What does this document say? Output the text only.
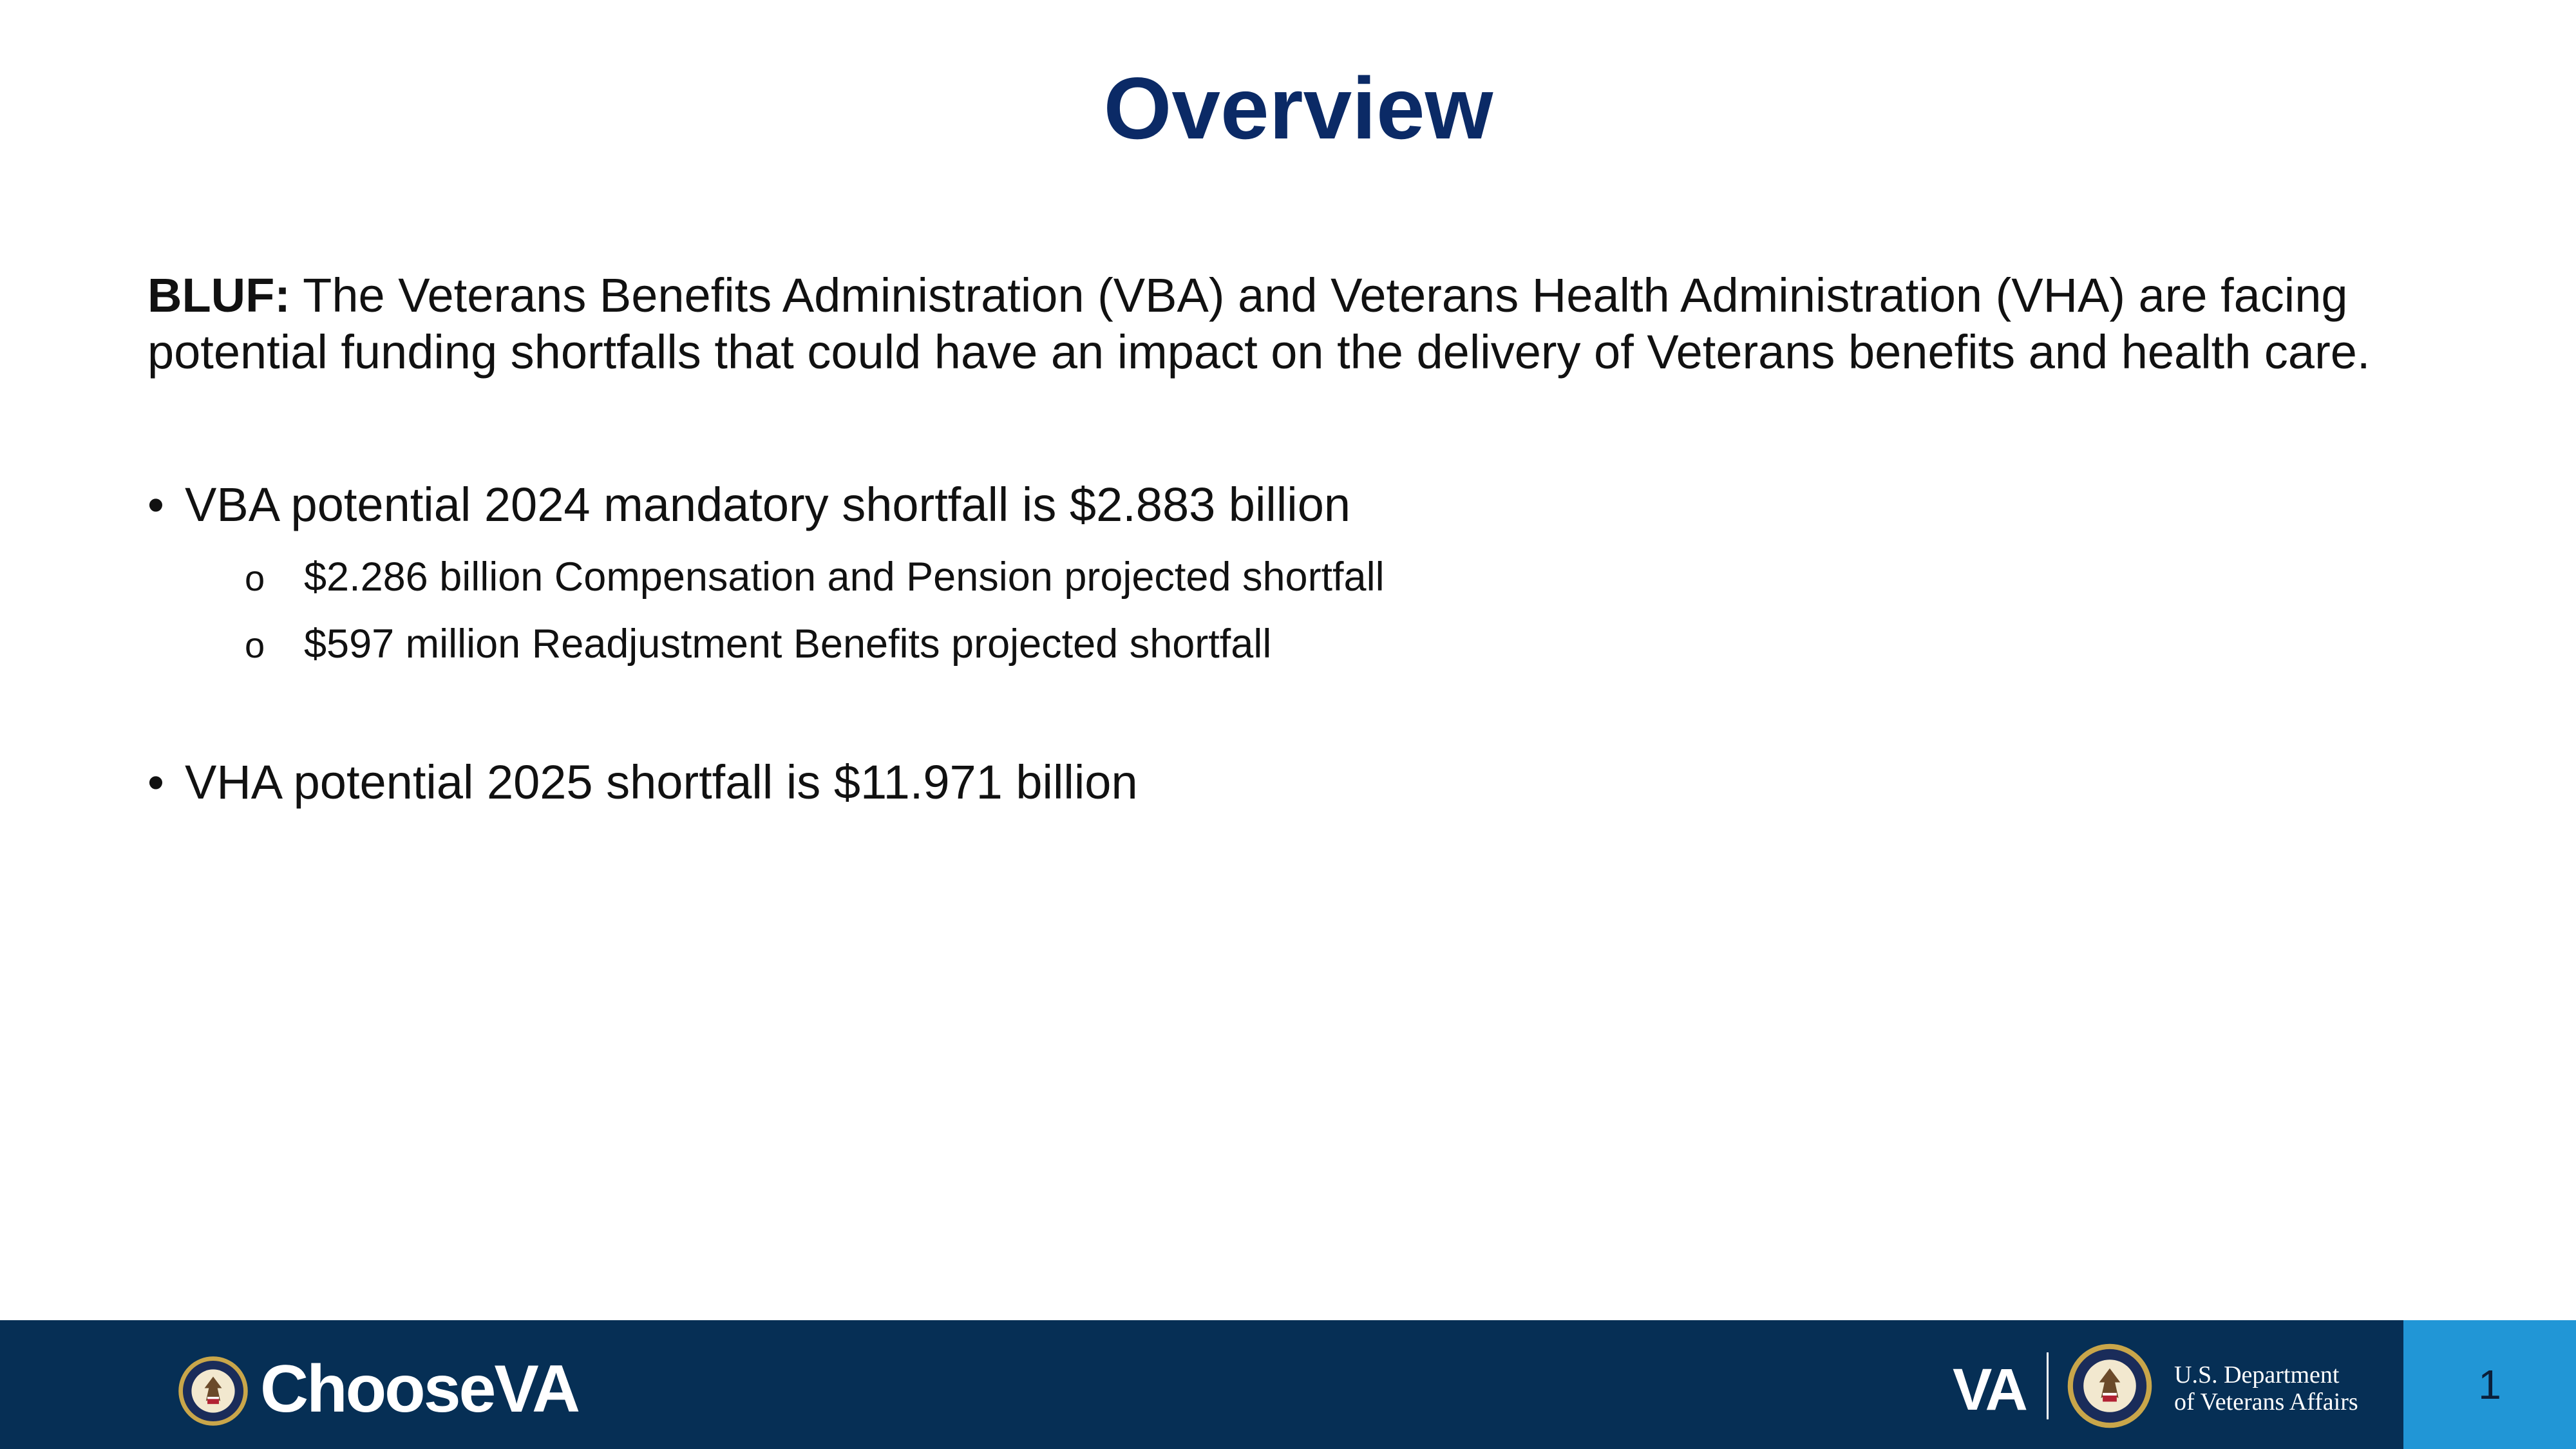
Overview
BLUF: The Veterans Benefits Administration (VBA) and Veterans Health Administration (VHA) are facing potential funding shortfalls that could have an impact on the delivery of Veterans benefits and health care.
• VBA potential 2024 mandatory shortfall is $2.883 billion
o $2.286 billion Compensation and Pension projected shortfall
o $597 million Readjustment Benefits projected shortfall
• VHA potential 2025 shortfall is $11.971 billion
ChooseVA	VA	U.S. Department
of Veterans Affairs	1
